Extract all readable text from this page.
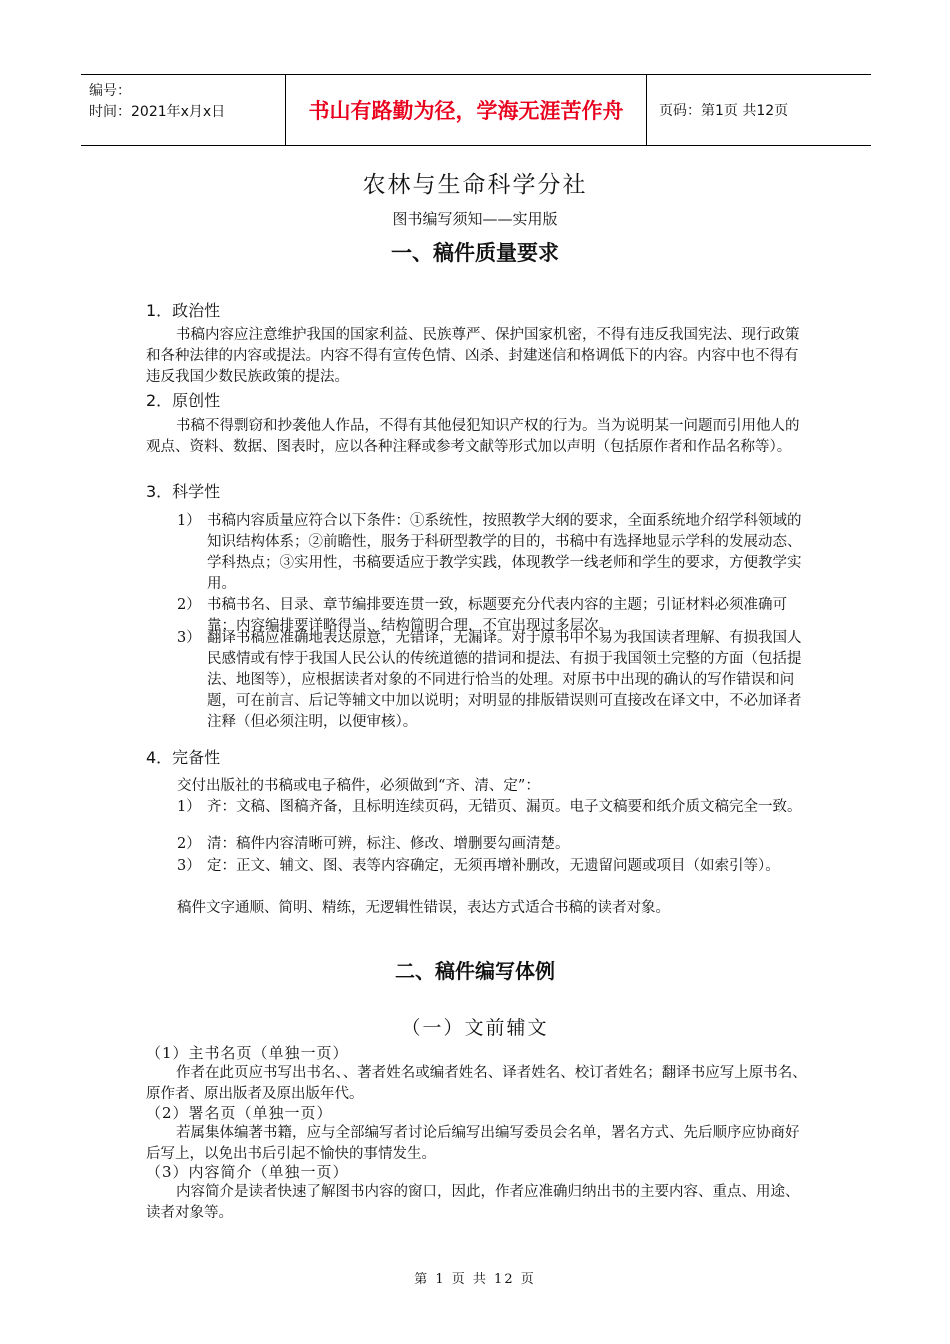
编号：
时间：2021年x月x日	书山有路勤为径，学海无涯苦作舟	页码：第1页 共12页
农林与生命科学分社
图书编写须知——实用版
一、稿件质量要求
1．政治性
书稿内容应注意维护我国的国家利益、民族尊严、保护国家机密，不得有违反我国宪法、现行政策和各种法律的内容或提法。内容不得有宣传色情、凶杀、封建迷信和格调低下的内容。内容中也不得有违反我国少数民族政策的提法。
2．原创性
书稿不得剽窃和抄袭他人作品，不得有其他侵犯知识产权的行为。当为说明某一问题而引用他人的观点、资料、数据、图表时，应以各种注释或参考文献等形式加以声明（包括原作者和作品名称等）。
3．科学性
1） 书稿内容质量应符合以下条件：①系统性，按照教学大纲的要求，全面系统地介绍学科领域的知识结构体系；②前瞻性，服务于科研型教学的目的，书稿中有选择地显示学科的发展动态、学科热点；③实用性，书稿要适应于教学实践，体现教学一线老师和学生的要求，方便教学实用。
2） 书稿书名、目录、章节编排要连贯一致，标题要充分代表内容的主题；引证材料必须准确可靠；内容编排要详略得当、结构简明合理，不宜出现过多层次。
3） 翻译书稿应准确地表达原意，无错译，无漏译。对于原书中不易为我国读者理解、有损我国人民感情或有悖于我国人民公认的传统道德的措词和提法、有损于我国领土完整的方面（包括提法、地图等），应根据读者对象的不同进行恰当的处理。对原书中出现的确认的写作错误和问题，可在前言、后记等辅文中加以说明；对明显的排版错误则可直接改在译文中，不必加译者注释（但必须注明，以便审核）。
4．完备性
交付出版社的书稿或电子稿件，必须做到“齐、清、定”：
1） 齐：文稿、图稿齐备，且标明连续页码，无错页、漏页。电子文稿要和纸介质文稿完全一致。
2） 清：稿件内容清晰可辨，标注、修改、增删要勾画清楚。
3） 定：正文、辅文、图、表等内容确定，无须再增补删改，无遗留问题或项目（如索引等）。
稿件文字通顺、简明、精练，无逻辑性错误，表达方式适合书稿的读者对象。
二、稿件编写体例
（一）文前辅文
（1）主书名页（单独一页）
作者在此页应书写出书名、、著者姓名或编者姓名、译者姓名、校订者姓名；翻译书应写上原书名、原作者、原出版者及原出版年代。
（2）署名页（单独一页）
若属集体编著书籍，应与全部编写者讨论后编写出编写委员会名单，署名方式、先后顺序应协商好后写上，以免出书后引起不愉快的事情发生。
（3）内容简介（单独一页）
内容简介是读者快速了解图书内容的窗口，因此，作者应准确归纳出书的主要内容、重点、用途、读者对象等。
第 1 页 共 12 页
